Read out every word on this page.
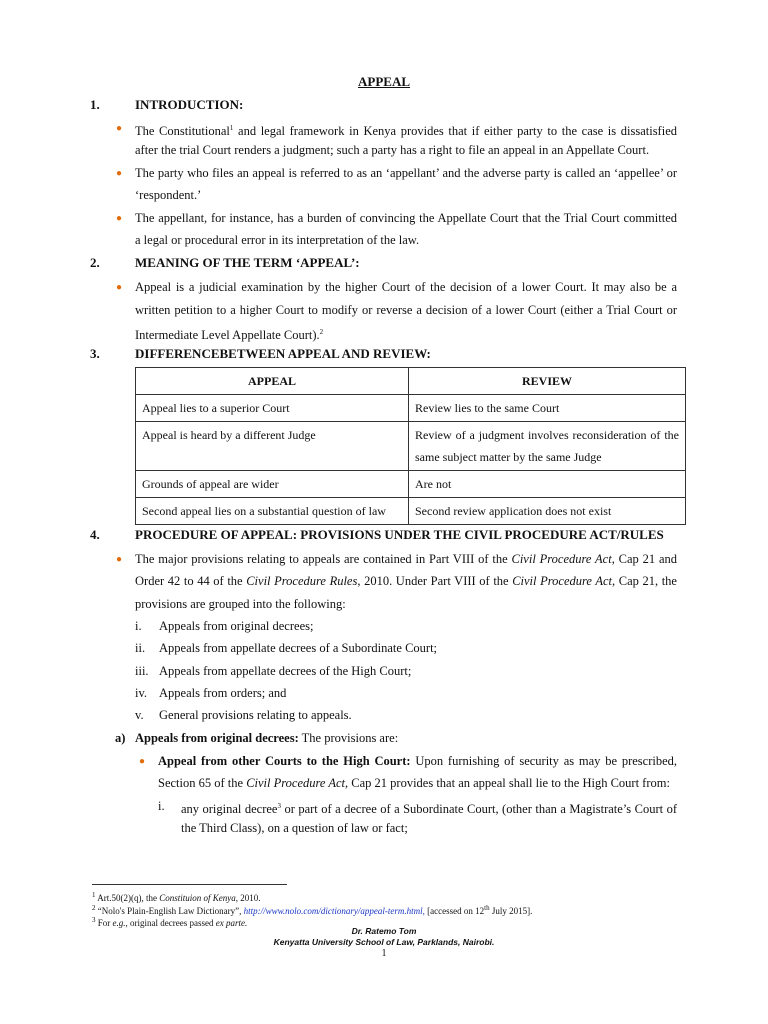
APPEAL
1.	INTRODUCTION:
● The Constitutional$^1$ and legal framework in Kenya provides that if either party to the case is dissatisfied
after the trial Court renders a judgment; such a party has a right to file an appeal in an Appellate Court.
● The party who files an appeal is referred to as an ‘appellant’ and the adverse party is called an ‘appellee’ or
‘respondent.’
● The appellant, for instance, has a burden of convincing the Appellate Court that the Trial Court committed
a legal or procedural error in its interpretation of the law.
2.	MEANING OF THE TERM ‘APPEAL’:
● Appeal is a judicial examination by the higher Court of the decision of a lower Court. It may also be a
written petition to a higher Court to modify or reverse a decision of a lower Court (either a Trial Court or
Intermediate Level Appellate Court).$^2$
3.	DIFFERENCEBETWEEN APPEAL AND REVIEW:
APPEAL	REVIEW
Appeal lies to a superior Court	Review lies to the same Court
Appeal is heard by a different Judge	Review of a judgment involves reconsideration of the same subject matter by the same Judge
Grounds of appeal are wider	Are not
Second appeal lies on a substantial question of law	Second review application does not exist
4.	PROCEDURE OF APPEAL: PROVISIONS UNDER THE CIVIL PROCEDURE ACT/RULES
● The major provisions relating to appeals are contained in Part VIII of the Civil Procedure Act, Cap 21 and
Order 42 to 44 of the Civil Procedure Rules, 2010. Under Part VIII of the Civil Procedure Act, Cap 21, the
provisions are grouped into the following:
i. Appeals from original decrees;
ii. Appeals from appellate decrees of a Subordinate Court;
iii. Appeals from appellate decrees of the High Court;
iv. Appeals from orders; and
v. General provisions relating to appeals.
a) Appeals from original decrees: The provisions are:
● Appeal from other Courts to the High Court: Upon furnishing of security as may be prescribed,
Section 65 of the Civil Procedure Act, Cap 21 provides that an appeal shall lie to the High Court from:
i. any original decree$^3$ or part of a decree of a Subordinate Court, (other than a Magistrate’s Court of
the Third Class), on a question of law or fact;
$^1$ Art.50(2)(q), the Constituion of Kenya, 2010.
$^2$ “Nolo's Plain-English Law Dictionary”, http://www.nolo.com/dictionary/appeal-term.html, [accessed on 12th July 2015].
$^3$ For e.g., original decrees passed ex parte.
Dr. Ratemo Tom
Kenyatta University School of Law, Parklands, Nairobi.
1
